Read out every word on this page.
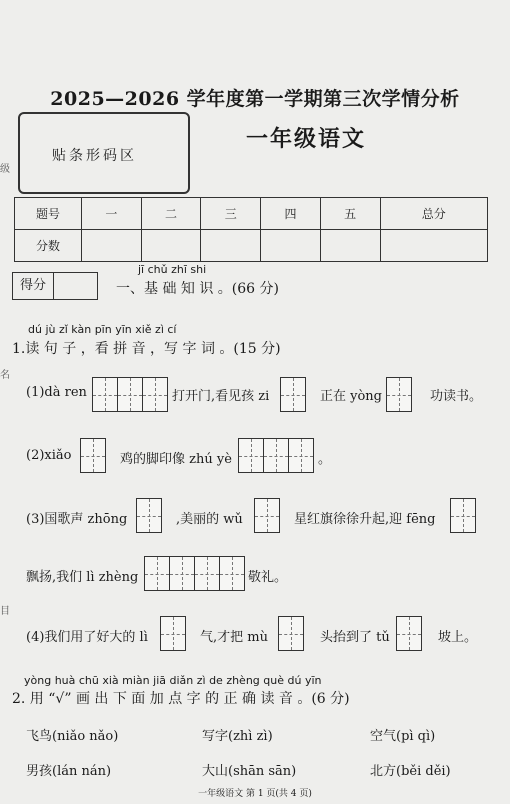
级
名
目
2025—2026 学年度第一学期第三次学情分析
贴条形码区
一年级语文
题号	一	二	三	四	五	总分
分数						
得分
jī chǔ zhī shi
一、基 础 知 识 。(66 分)
dú jù zǐ kàn pīn yīn xiě zì cí
1.读 句 子 ，看 拼 音 ，写 字 词 。(15 分)
(1)dà ren	打开门,看见孩 zi	正在 yòng	功读书。
(2)xiǎo	鸡的脚印像 zhú yè	。
(3)国歌声 zhōng	,美丽的 wǔ	星红旗徐徐升起,迎 fēng
飘扬,我们 lì zhèng	敬礼。
(4)我们用了好大的 lì	气,才把 mù	头抬到了 tǔ	坡上。
yòng huà chū xià miàn jiā diǎn zì de zhèng què dú yīn
2. 用 “√” 画 出 下 面 加 点 字 的 正 确 读 音 。(6 分)
飞鸟(niǎo nǎo)	写字(zhì zì)	空气(pì qì)
男孩(lán nán)	大山(shān sān)	北方(běi děi)
一年级语文 第 1 页(共 4 页)
